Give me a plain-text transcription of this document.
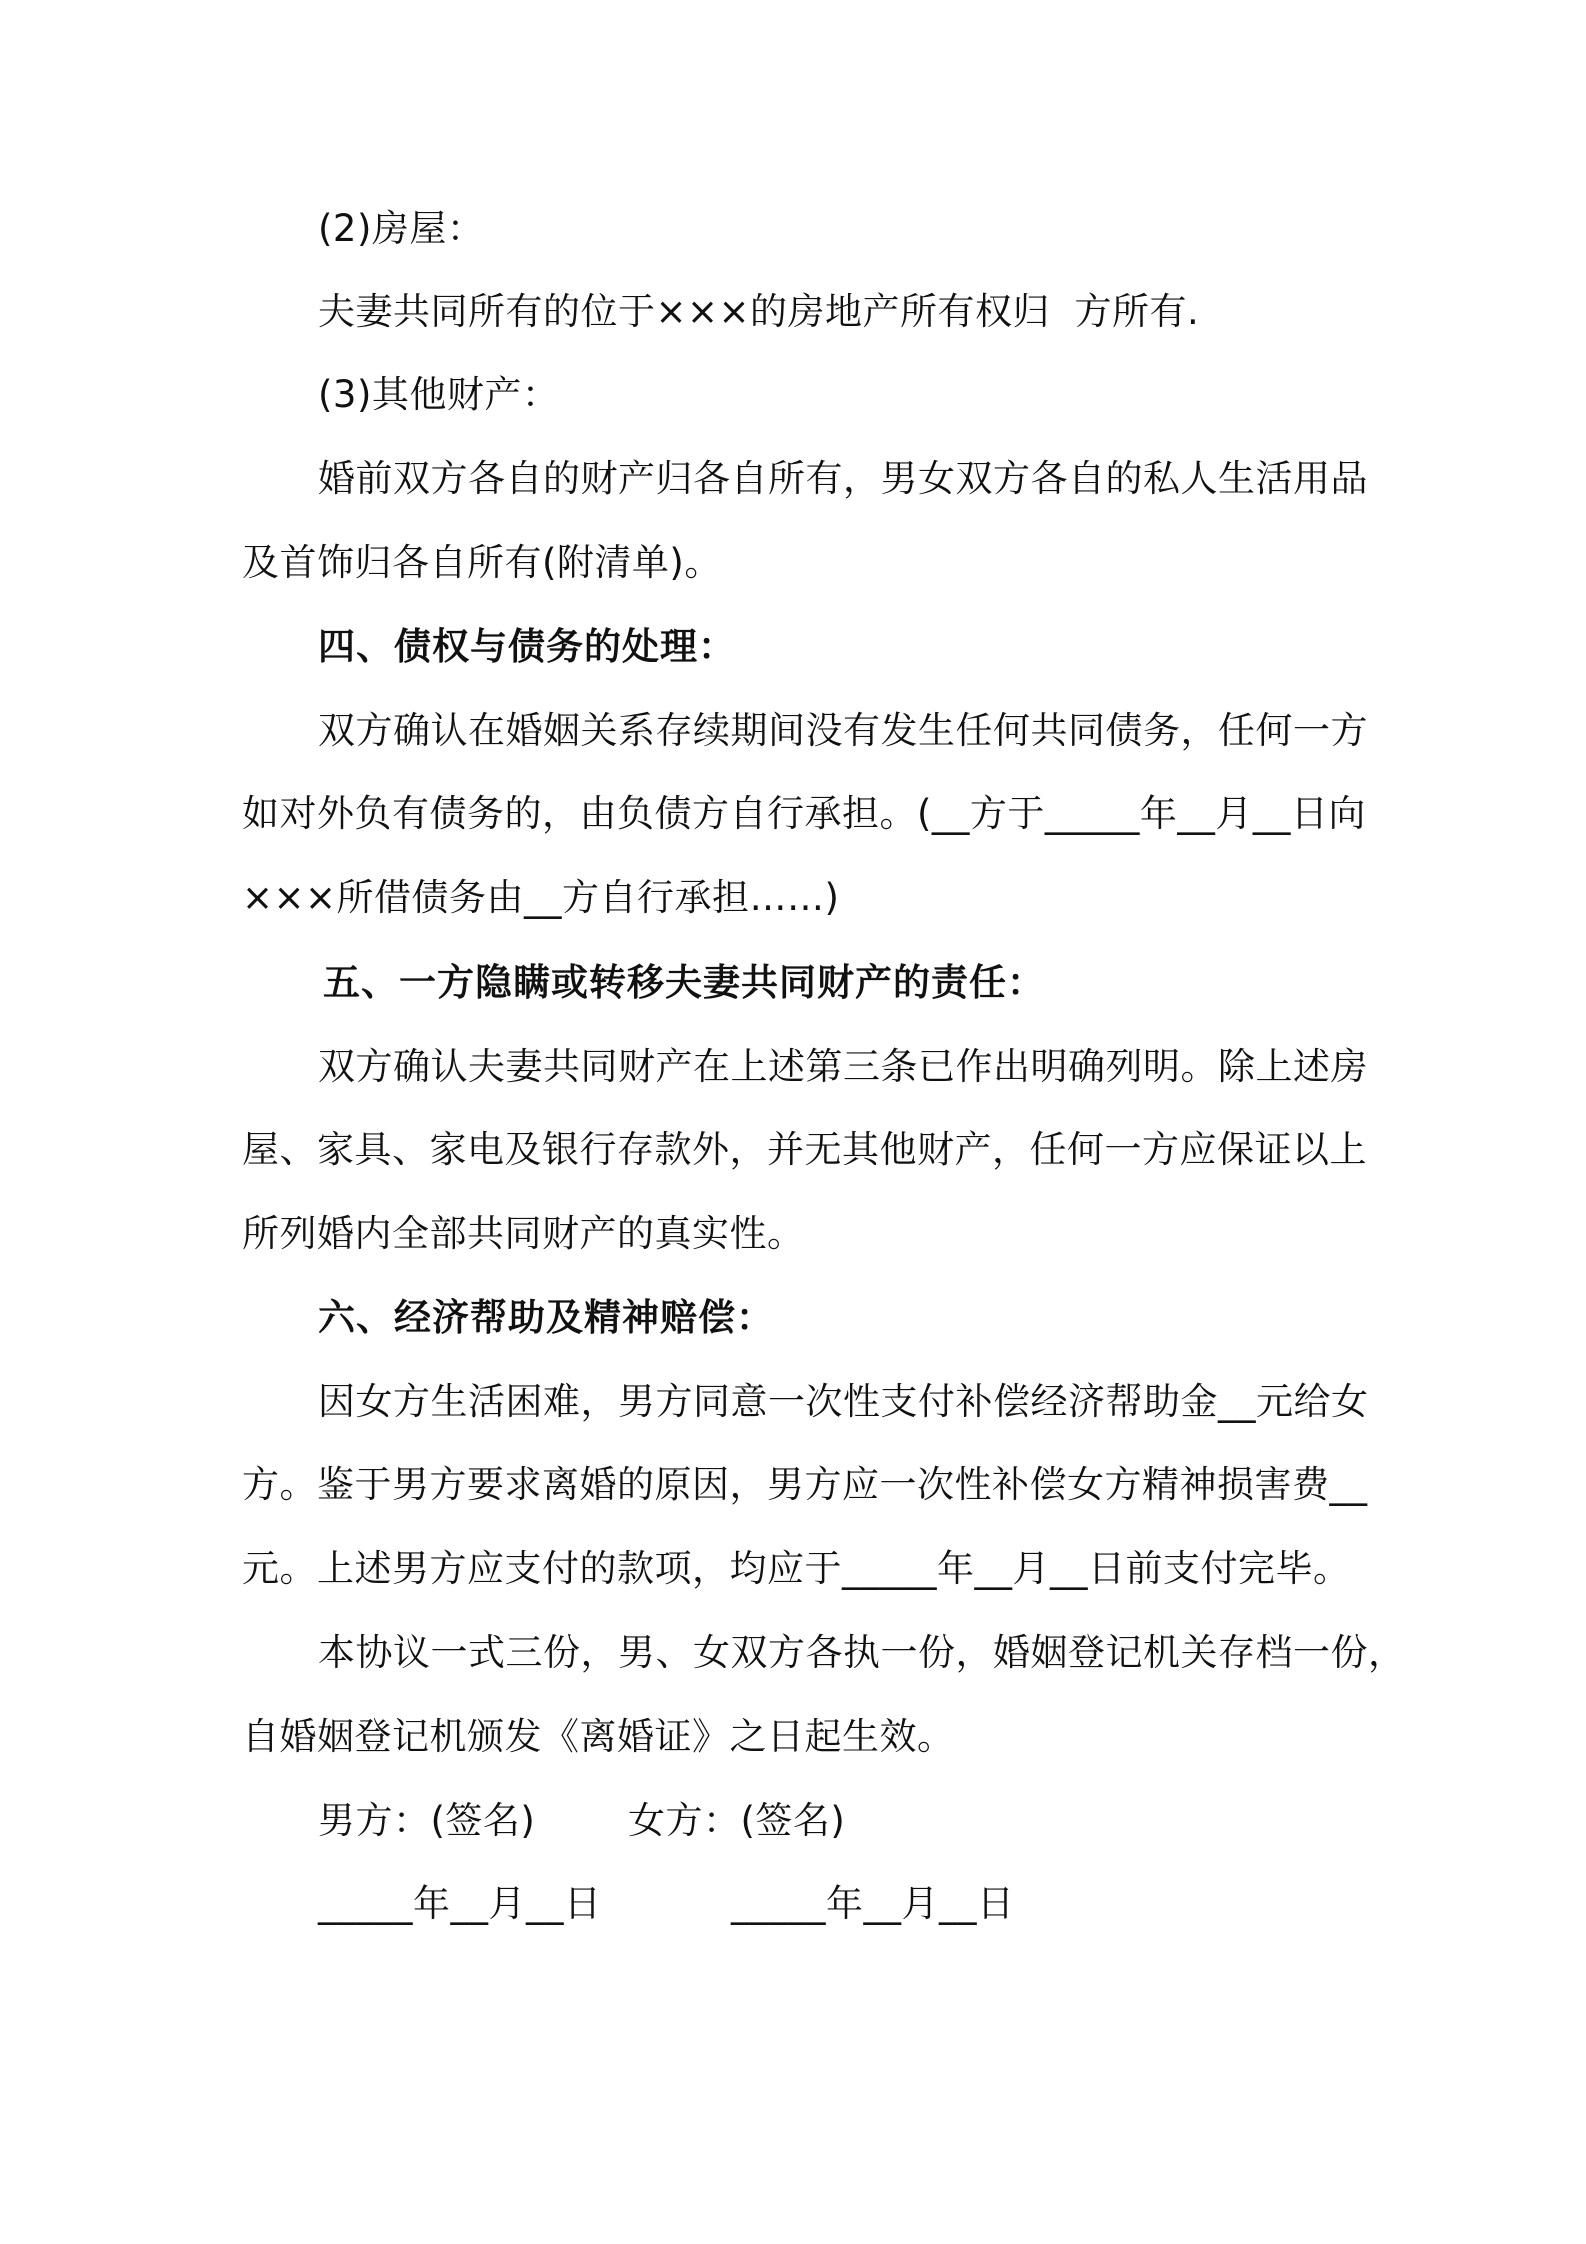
(2)房屋：
夫妻共同所有的位于×××的房地产所有权归  方所有.
(3)其他财产：
婚前双方各自的财产归各自所有，男女双方各自的私人生活用品
及首饰归各自所有(附清单)。
四、债权与债务的处理：
双方确认在婚姻关系存续期间没有发生任何共同债务，任何一方
如对外负有债务的，由负债方自行承担。(__方于_____年__月__日向
×××所借债务由__方自行承担……)
五、一方隐瞒或转移夫妻共同财产的责任：
双方确认夫妻共同财产在上述第三条已作出明确列明。除上述房
屋、家具、家电及银行存款外，并无其他财产，任何一方应保证以上
所列婚内全部共同财产的真实性。
六、经济帮助及精神赔偿：
因女方生活困难，男方同意一次性支付补偿经济帮助金__元给女
方。鉴于男方要求离婚的原因，男方应一次性补偿女方精神损害费__
元。上述男方应支付的款项，均应于_____年__月__日前支付完毕。
本协议一式三份，男、女双方各执一份，婚姻登记机关存档一份，
自婚姻登记机颁发《离婚证》之日起生效。
男方：(签名)	女方：(签名)
_____年__月__日	_____年__月__日
